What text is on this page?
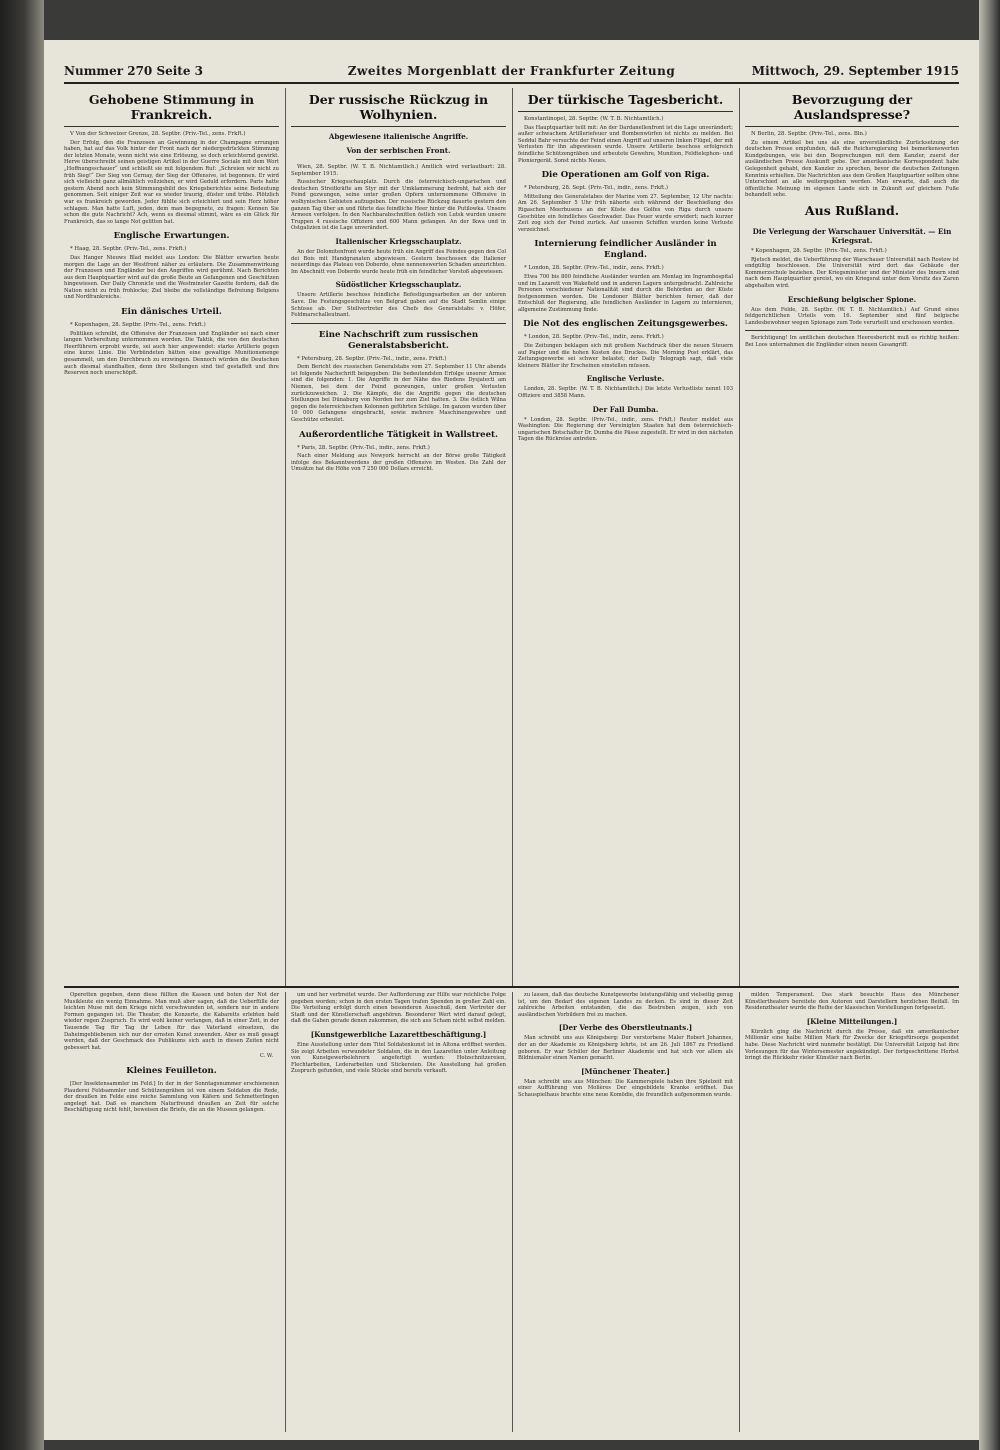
Nummer 270 Seite 3	Zweites Morgenblatt der Frankfurter Zeitung	Mittwoch, 29. September 1915
Gehobene Stimmung in Frankreich.

V Von der Schweizer Grenze, 28. Septbr. (Priv.-Tel., zens. Frkft.)

Der Erfolg, den die Franzosen an Gewinnung in der Champagne errungen haben, hat auf das Volk hinter der Front nach der niedergedrückten Stimmung der letzten Monate, wenn nicht wie eine Erlösung, so doch erleichternd gewirkt. Herve überschreibt seinen geistigen Artikel in der Guerre Sociale mit dem Wort „Hoffnungsschauer“ und schließt sie mit folgendem Ruf: „Schreien wir nicht zu früh Sieg!“ Der Sieg von Cernay, der Sieg der Offensive, ist begonnen. Er wird sich vielleicht ganz allmählich vollziehen, er wird Geduld erfordern. Paris hatte gestern Abend noch kein Stimmungsbild des Kriegsberichtes seine Bedeutung genommen. Seit einiger Zeit war es wieder traurig, düster und trübe. Plötzlich war es frankreich geworden. Jeder fühlte sich erleichtert und sein Herz höher schlagen. Man hatte Luft, jeden, dem man begegnete, zu fragen: Kennen Sie schon die gute Nachricht? Ach, wenn es diesmal stimmt, wäre es ein Glück für Frankreich, das so lange Not gelitten hat.

Englische Erwartungen.

* Haag, 28. Septbr. (Priv.-Tel., zens. Frkft.)

Das Hanger Nieuws Blad meldet aus London: Die Blätter erwarten heute morgen die Lage an der Westfront näher zu erläutern. Die Zusammenwirkung der Franzosen und Engländer bei den Angriffen wird gerühmt. Nach Berichten aus dem Hauptquartier wird auf die große Beute an Gefangenen und Geschützen hingewiesen. Der Daily Chronicle und die Westminster Gazette fordern, daß die Nation nicht zu früh frohlocke; Ziel bleibe die vollständige Befreiung Belgiens und Nordfrankreichs.

Ein dänisches Urteil.

* Kopenhagen, 28. Septbr. (Priv.-Tel., zens. Frkft.)

Politiken schreibt, die Offensive der Franzosen und Engländer sei nach einer langen Vorbereitung unternommen worden. Die Taktik, die von den deutschen Heerführern erprobt wurde, sei auch hier angewendet: starke Artillerie gegen eine kurze Linie. Die Verbündeten hätten eine gewaltige Munitionsmenge gesammelt, um den Durchbruch zu erzwingen. Dennoch würden die Deutschen auch diesmal standhalten, denn ihre Stellungen sind tief gestaffelt und ihre Reserven noch unerschöpft.

Der russische Rückzug in Wolhynien.
Abgewiesene italienische Angriffe.
Von der serbischen Front.

Wien, 28. Septbr. (W. T. B. Nichtamtlich.) Amtlich wird verlautbart: 28. September 1915.

Russischer Kriegsschauplatz. Durch die österreichisch-ungarischen und deutschen Streitkräfte am Styr mit der Umklammerung bedroht, hat sich der Feind gezwungen, seine unter großen Opfern unternommene Offensive in wolhynischen Gebieten aufzugeben. Der russische Rückzug dauerte gestern den ganzen Tag über an und führte das feindliche Heer hinter die Putilowka. Unsere Armeen verfolgen. In den Nachbarabschnitten östlich von Lutsk wurden unsere Truppen 4 russische Offiziere und 600 Mann gefangen. An der Ikwa und in Ostgalizien ist die Lage unverändert.

Italienischer Kriegsschauplatz.

An der Dolomitenfront wurde heute früh ein Angriff des Feindes gegen den Col dei Bois mit Handgranaten abgewiesen. Gestern beschossen die Italiener neuerdings das Plateau von Doberdo, ohne nennenswerten Schaden anzurichten. Im Abschnitt von Doberdo wurde heute früh ein feindlicher Vorstoß abgewiesen.

Südöstlicher Kriegsschauplatz.

Unsere Artillerie beschoss feindliche Befestigungsarbeiten an der unteren Save. Die Festungsgeschütze von Belgrad gaben auf die Stadt Semlin einige Schüsse ab. Der Stellvertreter des Chefs des Generalstabs: v. Höfer, Feldmarschalleutnant.

Eine Nachschrift zum russischen Generalstabsbericht.

* Petersburg, 28. Septbr. (Priv.-Tel., indir., zens. Frkft.)

Dem Bericht des russischen Generalstabs vom 27. September 11 Uhr abends ist folgende Nachschrift beigegeben: Die bedeutendsten Erfolge unserer Armee sind die folgenden: 1. Die Angriffe in der Nähe des Riedens Dysjatecti am Niemen, bei dem der Feind gezwungen, unter großen Verlusten zurückzuweichen. 2. Die Kämpfe, die die Angriffe gegen die deutschen Stellungen bei Dünaburg von Norden her zum Ziel hatten. 3. Die östlich Wilna gegen die österreichischen Kolonnen geführten Schläge. Im ganzen wurden über 10 000 Gefangene eingebracht, sowie mehrere Maschinengewehre und Geschütze erbeutet.

Außerordentliche Tätigkeit in Wallstreet.

* Paris, 28. Septbr. (Priv.-Tel., indir., zens. Frkft.)

Nach einer Meldung aus Newyork herrscht an der Börse große Tätigkeit infolge des Bekanntwerdens der großen Offensive im Westen. Die Zahl der Umsätze hat die Höhe von 7 250 000 Dollars erreicht.

Der türkische Tagesbericht.

Konstantinopel, 28. Septbr. (W. T. B. Nichtamtlich.)

Das Hauptquartier teilt mit: An der Dardanellenfront ist die Lage unverändert; außer schwachem Artilleriefeuer und Bombenwürfen ist nichts zu melden. Bei Seddul Bahr versuchte der Feind einen Angriff auf unseren linken Flügel, der mit Verlusten für ihn abgewiesen wurde. Unsere Artillerie beschoss erfolgreich feindliche Schützengräben und erbeutete Gewehre, Munition, Feldtelephon- und Pioniergerät. Sonst nichts Neues.

Die Operationen am Golf von Riga.

* Petersburg, 28. Sept. (Priv.-Tel., indir., zens. Frkft.)

Mitteilung des Generalstabes der Marine vom 27. September, 12 Uhr nachts: Am 26. September 5 Uhr früh näherte sich während der Beschießung des Rigaschen Meerbusens an der Küste des Golfes von Riga durch unsere Geschütze ein feindliches Geschwader. Das Feuer wurde erwidert; nach kurzer Zeit zog sich der Feind zurück. Auf unseren Schiffen wurden keine Verluste verzeichnet.

Internierung feindlicher Ausländer in England.

* London, 28. Septbr. (Priv.-Tel., indir., zens. Frkft.)

Etwa 700 bis 800 feindliche Ausländer wurden am Montag im Ingramhospital und im Lazarett von Wakefield und in anderen Lagern untergebracht. Zahlreiche Personen verschiedener Nationalität sind durch die Behörden an der Küste festgenommen worden. Die Londoner Blätter berichten ferner, daß der Entschluß der Regierung, alle feindlichen Ausländer in Lagern zu internieren, allgemeine Zustimmung finde.

Die Not des englischen Zeitungsgewerbes.

* London, 28. Septbr. (Priv.-Tel., indir., zens. Frkft.)

Die Zeitungen beklagen sich mit großem Nachdruck über die neuen Steuern auf Papier und die hohen Kosten des Druckes. Die Morning Post erklärt, das Zeitungsgewerbe sei schwer belastet; der Daily Telegraph sagt, daß viele kleinere Blätter ihr Erscheinen einstellen müssen.

Englische Verluste.

London, 28. Septbr. (W. T. B. Nichtamtlich.) Die letzte Verlustliste nennt 103 Offiziere und 3858 Mann.

Der Fall Dumba.

* London, 28. Septbr. (Priv.-Tel., indir., zens. Frkft.) Reuter meldet aus Washington: Die Regierung der Vereinigten Staaten hat dem österreichisch-ungarischen Botschafter Dr. Dumba die Pässe zugestellt. Er wird in den nächsten Tagen die Rückreise antreten.

Bevorzugung der Auslandspresse?

N Berlin, 28. Septbr. (Priv.-Tel., zens. Bln.)

Zu einem Artikel bei uns als eine unverständliche Zurücksetzung der deutschen Presse empfunden, daß die Reichsregierung bei bemerkenswerten Kundgebungen, wie bei den Besprechungen mit dem Kanzler, zuerst der ausländischen Presse Auskunft gebe. Der amerikanische Korrespondent habe Gelegenheit gehabt, den Kanzler zu sprechen, bevor die deutschen Zeitungen Kenntnis erhielten. Die Nachrichten aus dem Großen Hauptquartier sollten ohne Unterschied an alle weitergegeben werden. Man erwarte, daß auch die öffentliche Meinung im eigenen Lande sich in Zukunft auf gleichem Fuße behandelt sehe.

Aus Rußland.
Die Verlegung der Warschauer Universität. — Ein Kriegsrat.

* Kopenhagen, 28. Septbr. (Priv.-Tel., zens. Frkft.)

Rjetsch meldet, die Ueberführung der Warschauer Universität nach Rostow ist endgültig beschlossen. Die Universität wird dort das Gebäude der Kommerzschule beziehen. Der Kriegsminister und der Minister des Innern sind nach dem Hauptquartier gereist, wo ein Kriegsrat unter dem Vorsitz des Zaren abgehalten wird.

Erschießung belgischer Spione.

Aus dem Felde, 28. Septbr. (W. T. B. Nichtamtlich.) Auf Grund eines feldgerichtlichen Urteils vom 16. September sind fünf belgische Landesbewohner wegen Spionage zum Tode verurteilt und erschossen worden.

Berichtigung! Im amtlichen deutschen Heeresbericht muß es richtig heißen: Bei Loos unternahmen die Engländer einen neuen Gasangriff.

Operetten gegeben, denn diese füllten die Kassen und boten der Not der Musikleute ein wenig Einnahme. Man muß aber sagen, daß die Ueberfülle der leichten Muse mit dem Kriege nicht verschwunden ist, sondern nur in andere Formen gegangen ist. Die Theater, die Konzerte, die Kabaretts erlebten bald wieder regen Zuspruch. Es wird wohl keiner verlangen, daß in einer Zeit, in der Tausende Tag für Tag ihr Leben für das Vaterland einsetzen, die Daheimgebliebenen sich nur der ernsten Kunst zuwenden. Aber es muß gesagt werden, daß der Geschmack des Publikums sich auch in diesen Zeiten nicht gebessert hat.

C. W.
Kleines Feuilleton.

[Der Insektensammler im Feld.] In der in der Sonntagsnummer erschienenen Plauderei Feldsammler und Schützengräben ist von einem Soldaten die Rede, der draußen im Felde eine reiche Sammlung von Käfern und Schmetterlingen angelegt hat. Daß es manchem Naturfreund draußen an Zeit für solche Beschäftigung nicht fehlt, beweisen die Briefe, die an die Museen gelangen.

um und her verbreitet wurde. Der Aufforderung zur Hilfe war reichliche Folge gegeben worden; schon in den ersten Tagen trafen Spenden in großer Zahl ein. Die Verteilung erfolgt durch einen besonderen Ausschuß, dem Vertreter der Stadt und der Künstlerschaft angehören. Besonderer Wert wird darauf gelegt, daß die Gaben gerade denen zukommen, die sich aus Scham nicht selbst melden.

[Kunstgewerbliche Lazarettbeschäftigung.]

Eine Ausstellung unter dem Titel Soldatenkunst ist in Altona eröffnet worden. Sie zeigt Arbeiten verwundeter Soldaten, die in den Lazaretten unter Anleitung von Kunstgewerbelehrern angefertigt wurden: Holzschnitzereien, Flechtarbeiten, Lederarbeiten und Stickereien. Die Ausstellung hat großen Zuspruch gefunden, und viele Stücke sind bereits verkauft.

zu lassen, daß das deutsche Kunstgewerbe leistungsfähig und vielseitig genug ist, um den Bedarf des eigenen Landes zu decken. Es sind in dieser Zeit zahlreiche Arbeiten entstanden, die das Bestreben zeigen, sich von ausländischen Vorbildern frei zu machen.

[Der Verbe des Oberstleutnants.]

Man schreibt uns aus Königsberg: Der verstorbene Maler Robert Johannes, der an der Akademie zu Königsberg lehrte, ist am 26. Juli 1867 zu Friedland geboren. Er war Schüler der Berliner Akademie und hat sich vor allem als Bildnismaler einen Namen gemacht.

[Münchener Theater.]

Man schreibt uns aus München: Die Kammerspiele haben ihre Spielzeit mit einer Aufführung von Molières Der eingebildete Kranke eröffnet. Das Schauspielhaus brachte eine neue Komödie, die freundlich aufgenommen wurde.

milden Temperament. Das stark besuchte Haus des Münchener Künstlertheaters bereitete den Autoren und Darstellern herzlichen Beifall. Im Residenztheater wurde die Reihe der klassischen Vorstellungen fortgesetzt.

[Kleine Mitteilungen.]

Kürzlich ging die Nachricht durch die Presse, daß ein amerikanischer Millionär eine halbe Million Mark für Zwecke der Kriegsfürsorge gespendet habe. Diese Nachricht wird nunmehr bestätigt. Die Universität Leipzig hat ihre Vorlesungen für das Wintersemester angekündigt. Der fortgeschrittene Herbst bringt die Rückkehr vieler Künstler nach Berlin.
